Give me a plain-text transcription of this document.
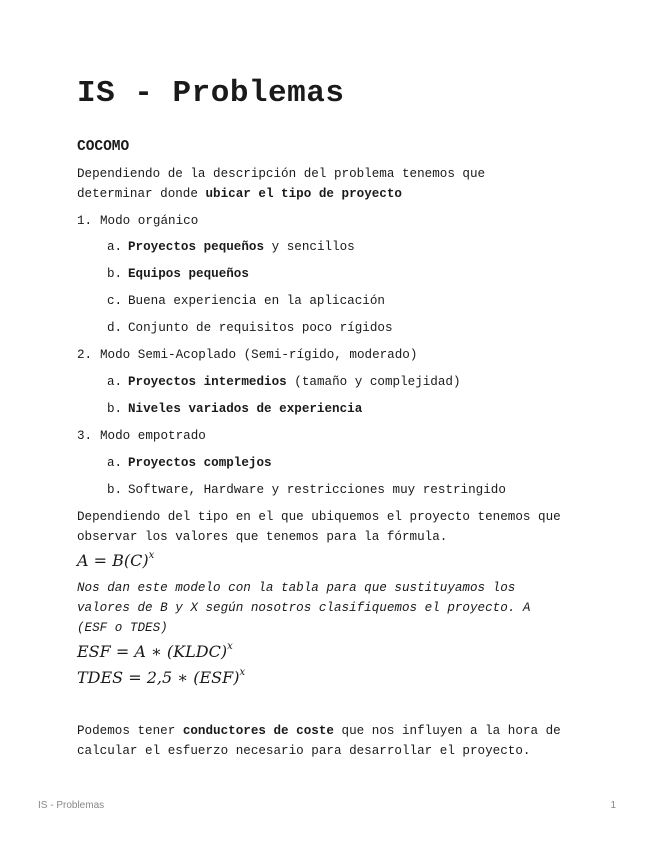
IS - Problemas
COCOMO

Dependiendo de la descripción del problema tenemos que
determinar donde ubicar el tipo de proyecto

1. Modo orgánico
a. Proyectos pequeños y sencillos
b. Equipos pequeños
c. Buena experiencia en la aplicación
d. Conjunto de requisitos poco rígidos
2. Modo Semi-Acoplado (Semi-rígido, moderado)
a. Proyectos intermedios (tamaño y complejidad)
b. Niveles variados de experiencia
3. Modo empotrado
a. Proyectos complejos
b. Software, Hardware y restricciones muy restringido

Dependiendo del tipo en el que ubiquemos el proyecto tenemos que
observar los valores que tenemos para la fórmula.

$A = B(C)^x$

Nos dan este modelo con la tabla para que sustituyamos los
valores de B y X según nosotros clasifiquemos el proyecto. A
(ESF o TDES)

ESF = A ∗ (KLDC)$^x$
TDES = 2,5 ∗ (ESF)$^x$

Podemos tener conductores de coste que nos influyen a la hora de
calcular el esfuerzo necesario para desarrollar el proyecto.

IS - Problemas	1
